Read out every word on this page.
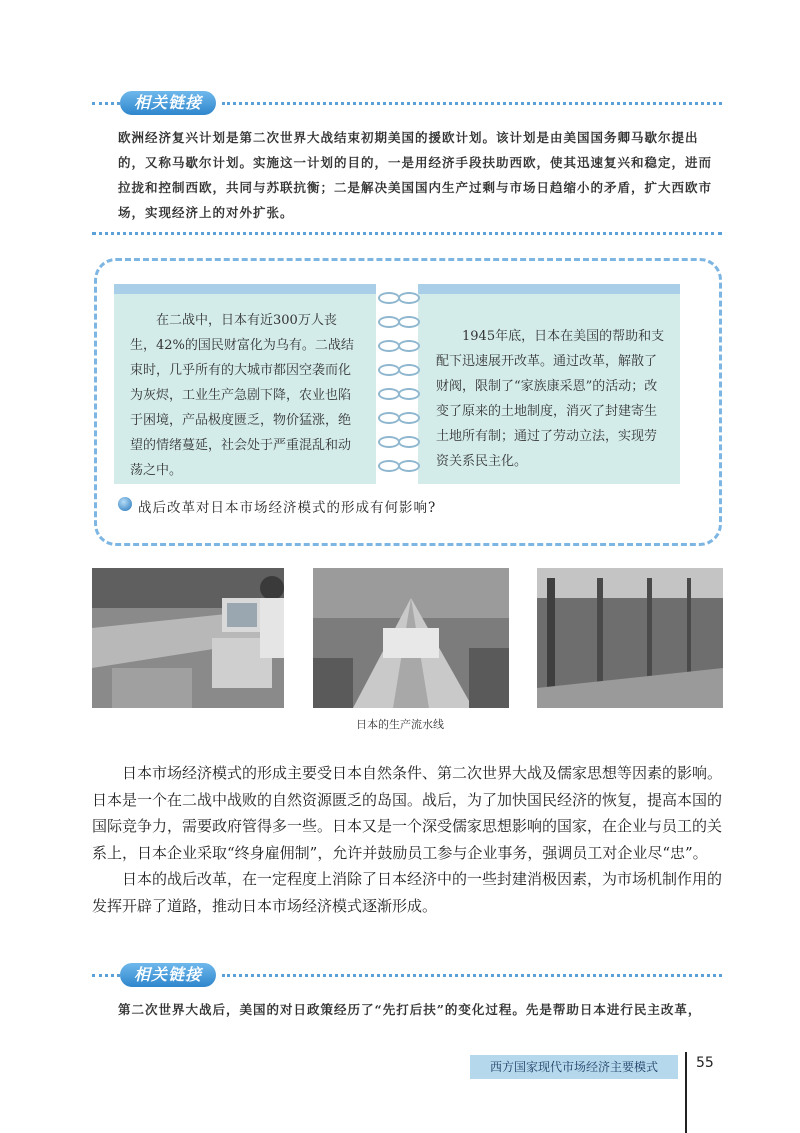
相关链接
欧洲经济复兴计划是第二次世界大战结束初期美国的援欧计划。该计划是由美国国务卿马歇尔提出的，又称马歇尔计划。实施这一计划的目的，一是用经济手段扶助西欧，使其迅速复兴和稳定，进而拉拢和控制西欧，共同与苏联抗衡；二是解决美国国内生产过剩与市场日趋缩小的矛盾，扩大西欧市场，实现经济上的对外扩张。

在二战中，日本有近300万人丧生，42%的国民财富化为乌有。二战结束时，几乎所有的大城市都因空袭而化为灰烬，工业生产急剧下降，农业也陷于困境，产品极度匮乏，物价猛涨，绝望的情绪蔓延，社会处于严重混乱和动荡之中。

1945年底，日本在美国的帮助和支配下迅速展开改革。通过改革，解散了财阀，限制了“家族康采恩”的活动；改变了原来的土地制度，消灭了封建寄生土地所有制；通过了劳动立法，实现劳资关系民主化。

战后改革对日本市场经济模式的形成有何影响?
日本的生产流水线

日本市场经济模式的形成主要受日本自然条件、第二次世界大战及儒家思想等因素的影响。日本是一个在二战中战败的自然资源匮乏的岛国。战后，为了加快国民经济的恢复，提高本国的国际竞争力，需要政府管得多一些。日本又是一个深受儒家思想影响的国家，在企业与员工的关系上，日本企业采取“终身雇佣制”，允许并鼓励员工参与企业事务，强调员工对企业尽“忠”。

日本的战后改革，在一定程度上消除了日本经济中的一些封建消极因素，为市场机制作用的发挥开辟了道路，推动日本市场经济模式逐渐形成。

相关链接
第二次世界大战后，美国的对日政策经历了“先打后扶”的变化过程。先是帮助日本进行民主改革，
西方国家现代市场经济主要模式	55
